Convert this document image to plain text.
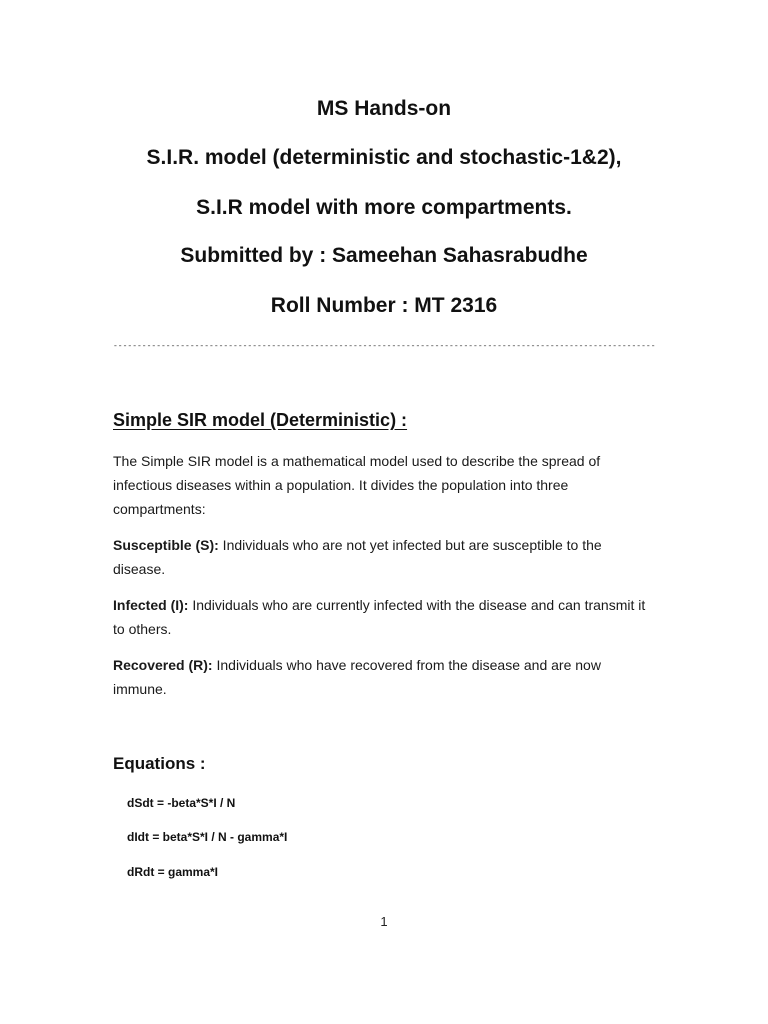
MS Hands-on
S.I.R. model (deterministic and stochastic-1&2),
S.I.R model with more compartments.
Submitted by : Sameehan Sahasrabudhe
Roll Number : MT 2316
-----------------------------------------------------------------------------------------------------------------
Simple SIR model (Deterministic) :
The Simple SIR model is a mathematical model used to describe the spread of infectious diseases within a population. It divides the population into three compartments:
Susceptible (S): Individuals who are not yet infected but are susceptible to the disease.
Infected (I): Individuals who are currently infected with the disease and can transmit it to others.
Recovered (R): Individuals who have recovered from the disease and are now immune.
Equations :
dSdt = -beta*S*I / N
dIdt = beta*S*I / N - gamma*I
dRdt = gamma*I
1
